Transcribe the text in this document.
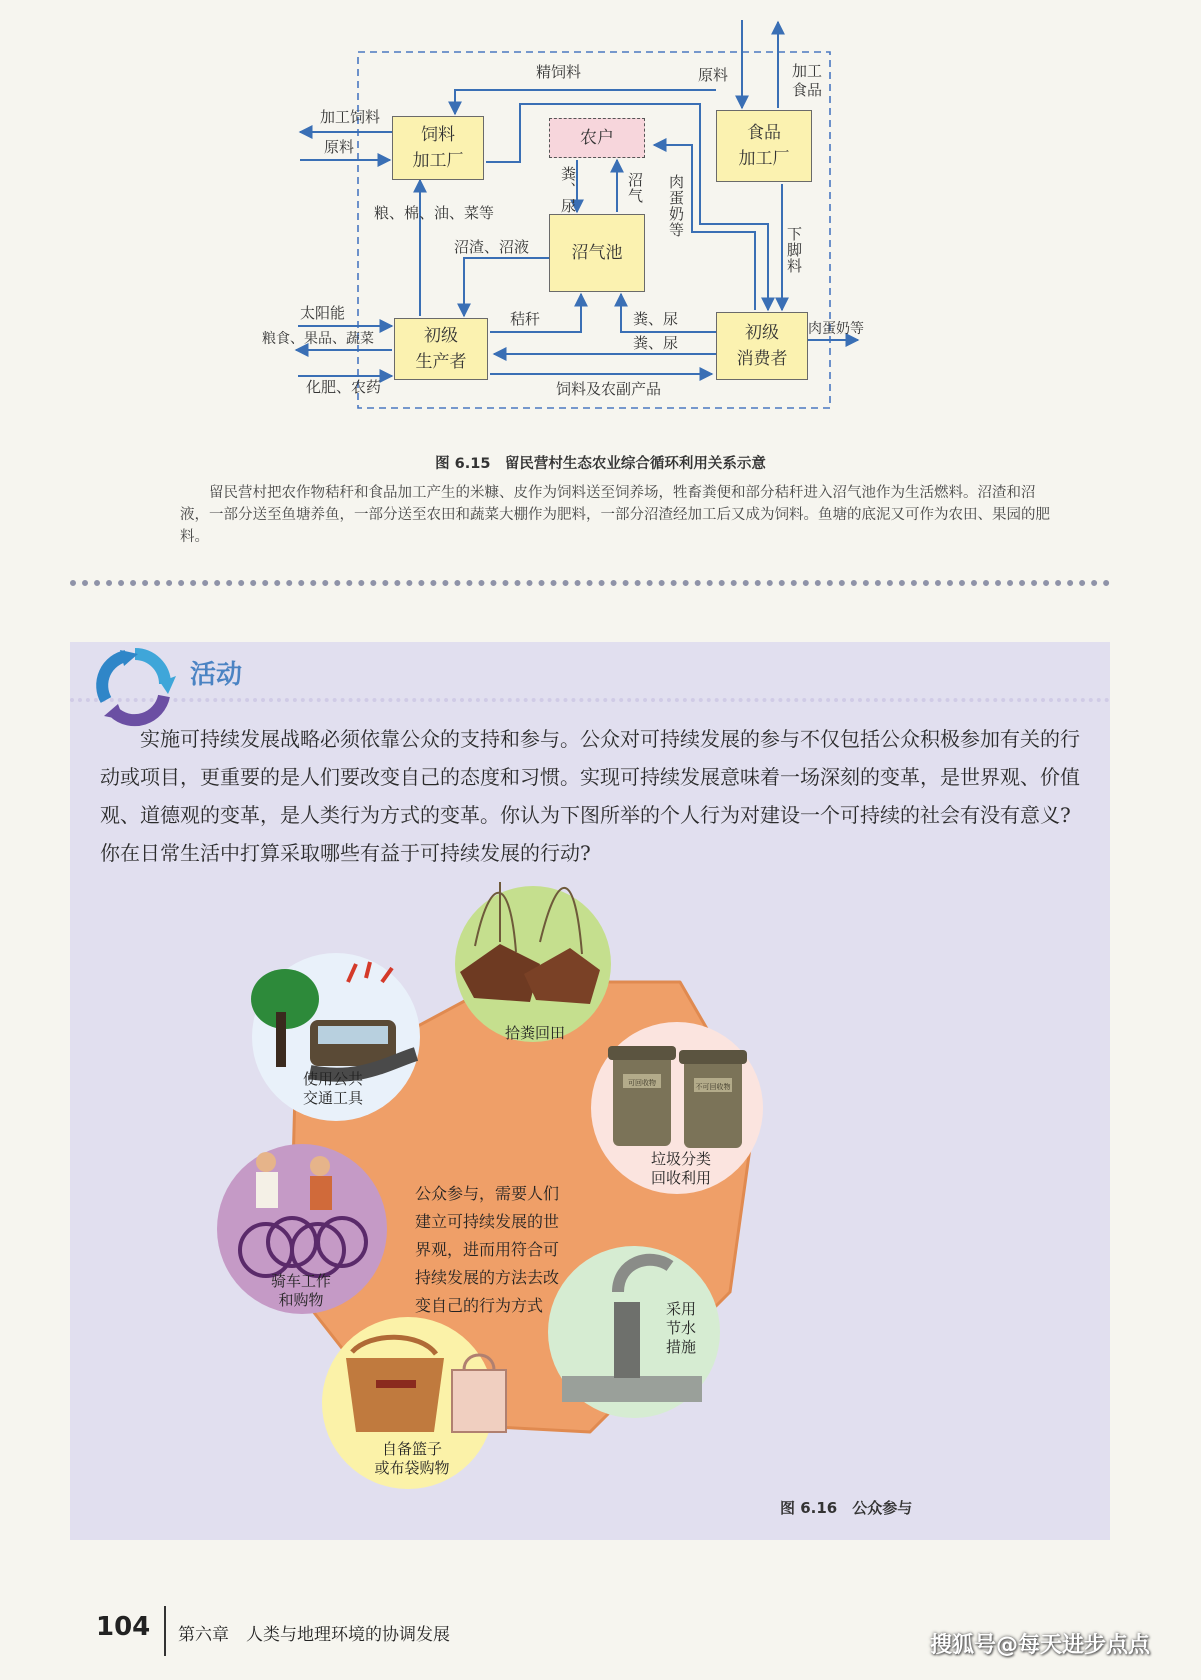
饲料
加工厂
农户	食品
加工厂
沼气池
初级
生产者
初级
消费者
精饲料	原料	加工
食品
加工饲料
原料
粪、尿	沼气 肉蛋奶等
粮、棉、油、菜等
沼渣、沼液	下脚料
太阳能
粮食、果品、蔬菜
秸秆	粪、尿
粪、尿
肉蛋奶等
化肥、农药	饲料及农副产品
图 6.15　留民营村生态农业综合循环利用关系示意
留民营村把农作物秸秆和食品加工产生的米糠、皮作为饲料送至饲养场，牲畜粪便和部分秸秆进入沼气池作为生活燃料。沼渣和沼液，一部分送至鱼塘养鱼，一部分送至农田和蔬菜大棚作为肥料，一部分沼渣经加工后又成为饲料。鱼塘的底泥又可作为农田、果园的肥料。
活动
实施可持续发展战略必须依靠公众的支持和参与。公众对可持续发展的参与不仅包括公众积极参加有关的行动或项目，更重要的是人们要改变自己的态度和习惯。实现可持续发展意味着一场深刻的变革，是世界观、价值观、道德观的变革，是人类行为方式的变革。你认为下图所举的个人行为对建设一个可持续的社会有没有意义?你在日常生活中打算采取哪些有益于可持续发展的行动?
可回收物	不可回收物
拾粪回田
使用公共
交通工具
垃圾分类
回收利用
骑车工作
和购物	采用
节水
措施
自备篮子
或布袋购物
公众参与，需要人们
建立可持续发展的世
界观，进而用符合可
持续发展的方法去改
变自己的行为方式
图 6.16　公众参与
104 第六章　人类与地理环境的协调发展	搜狐号@每天进步点点
